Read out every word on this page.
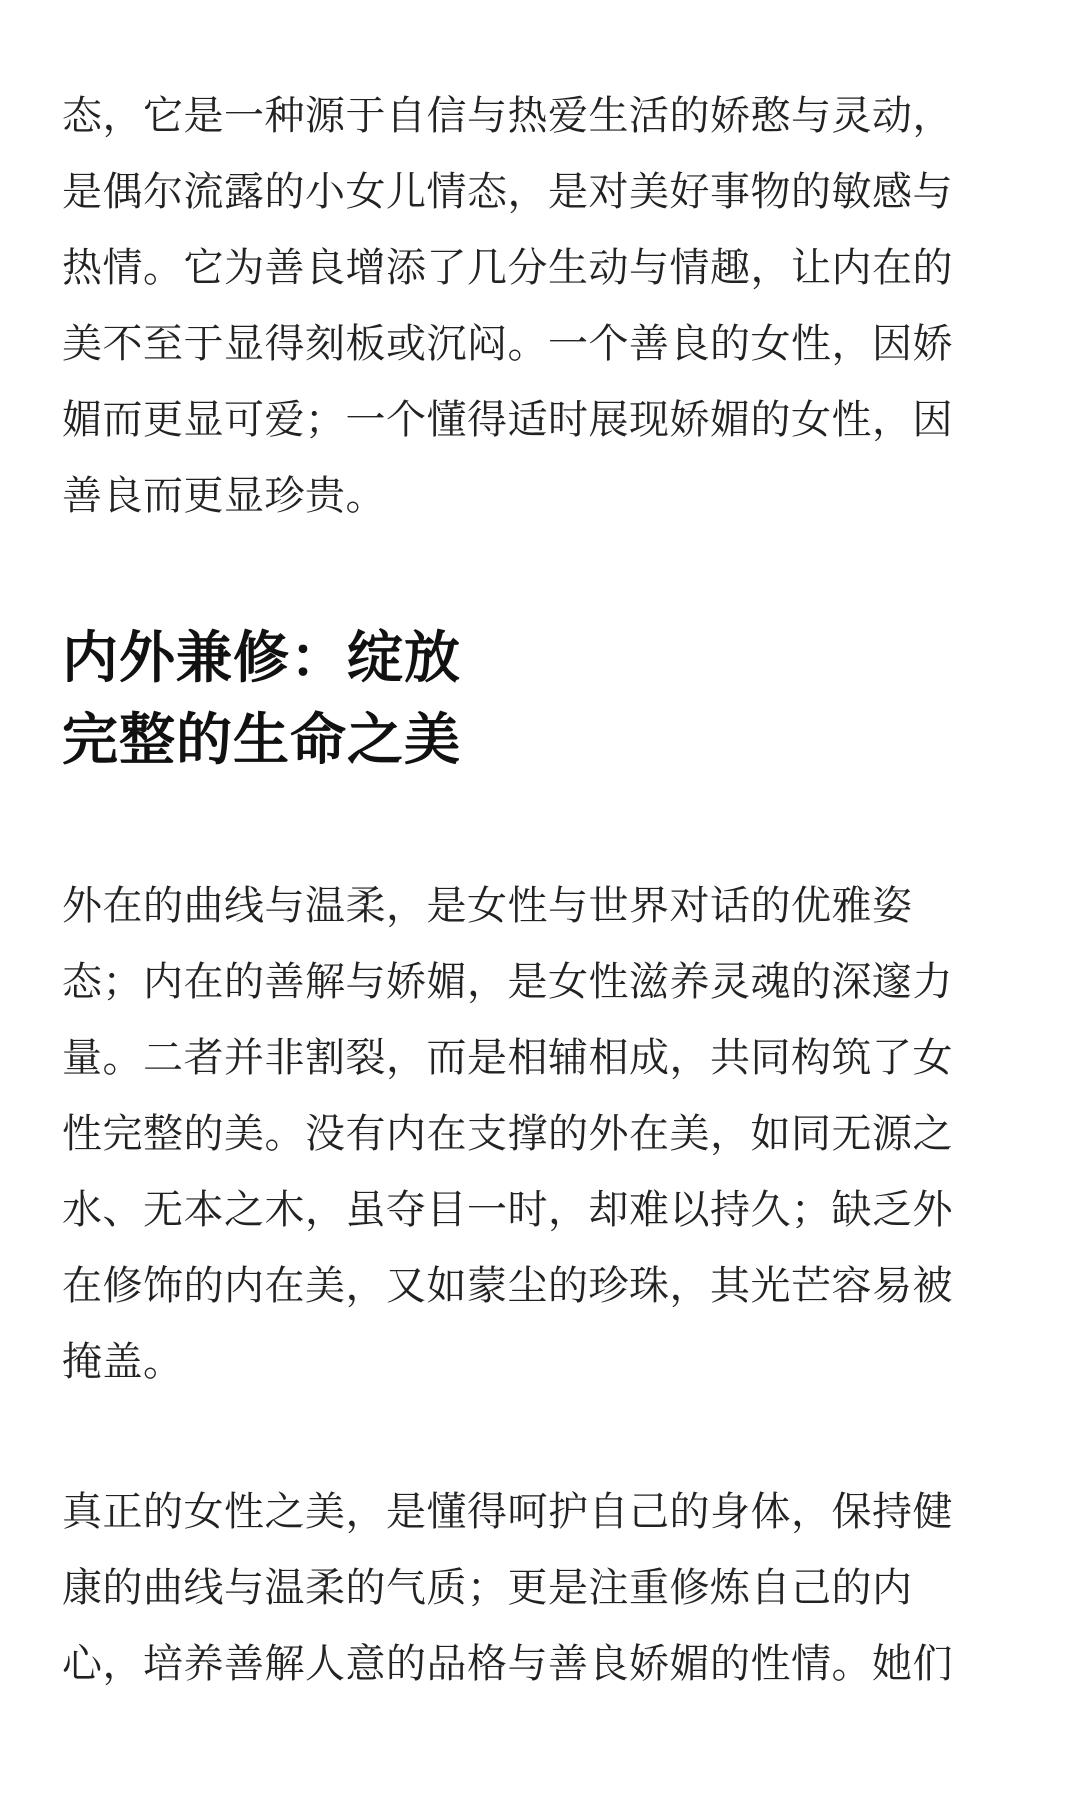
态，它是一种源于自信与热爱生活的娇憨与灵动，
是偶尔流露的小女儿情态，是对美好事物的敏感与
热情。它为善良增添了几分生动与情趣，让内在的
美不至于显得刻板或沉闷。一个善良的女性，因娇
媚而更显可爱；一个懂得适时展现娇媚的女性，因
善良而更显珍贵。
内外兼修：绽放
完整的生命之美
外在的曲线与温柔，是女性与世界对话的优雅姿
态；内在的善解与娇媚，是女性滋养灵魂的深邃力
量。二者并非割裂，而是相辅相成，共同构筑了女
性完整的美。没有内在支撑的外在美，如同无源之
水、无本之木，虽夺目一时，却难以持久；缺乏外
在修饰的内在美，又如蒙尘的珍珠，其光芒容易被
掩盖。
真正的女性之美，是懂得呵护自己的身体，保持健
康的曲线与温柔的气质；更是注重修炼自己的内
心，培养善解人意的品格与善良娇媚的性情。她们
